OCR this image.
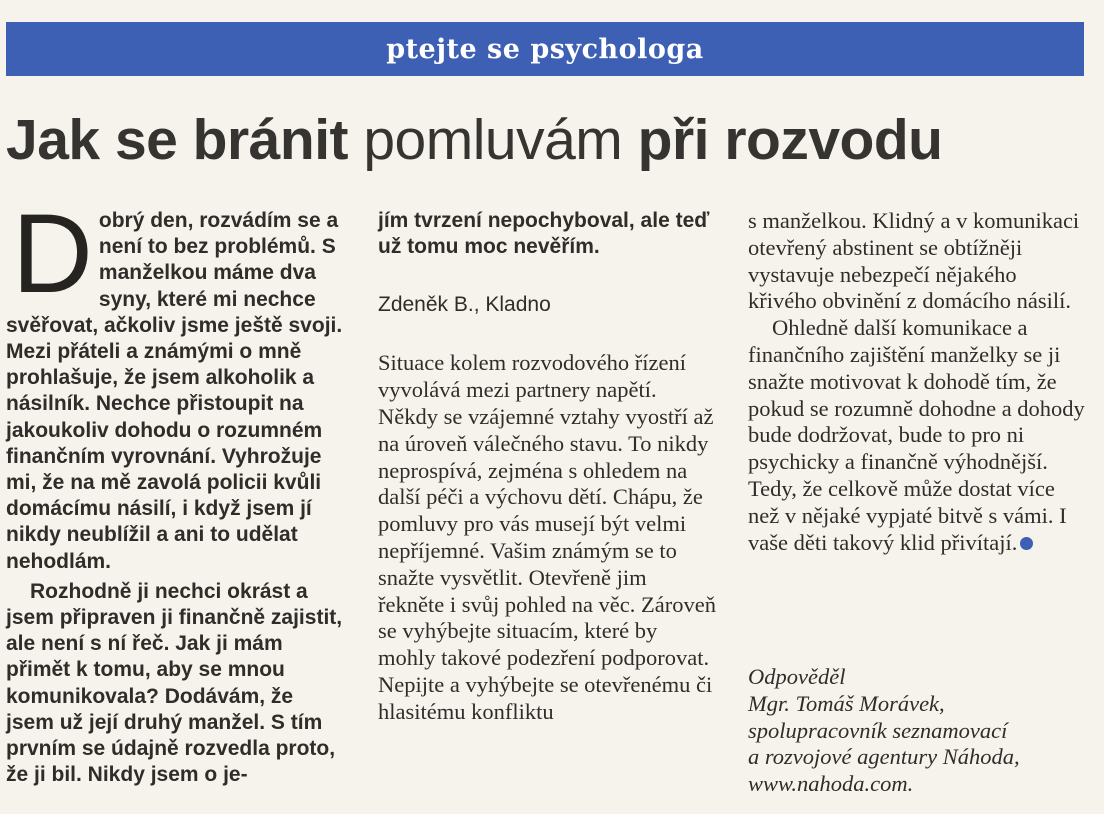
ptejte se psychologa
Jak se bránit pomluvám při rozvodu
D obrý den, rozvádím se a není to bez problémů. S manželkou máme dva syny, které mi nechce svěřovat, ačkoliv jsme ještě svoji. Mezi přáteli a známými o mně prohlašuje, že jsem alkoholik a násilník. Nechce přistoupit na jakoukoliv dohodu o rozumném finančním vyrovnání. Vyhrožuje mi, že na mě zavolá policii kvůli domácímu násilí, i když jsem jí nikdy neublížil a ani to udělat nehodlám.

Rozhodně ji nechci okrást a jsem připraven ji finančně zajistit, ale není s ní řeč. Jak ji mám přimět k tomu, aby se mnou komunikovala? Dodávám, že jsem už její druhý manžel. S tím prvním se údajně rozvedla proto, že ji bil. Nikdy jsem o je-

jím tvrzení nepochyboval, ale teď už tomu moc nevěřím.

Zdeněk B., Kladno

Situace kolem rozvodového řízení vyvolává mezi partnery napětí. Někdy se vzájemné vztahy vyostří až na úroveň válečného stavu. To nikdy neprospívá, zejména s ohledem na další péči a výchovu dětí. Chápu, že pomluvy pro vás musejí být velmi nepříjemné. Vašim známým se to snažte vysvětlit. Otevřeně jim řekněte i svůj pohled na věc. Zároveň se vyhýbejte situacím, které by mohly takové podezření podporovat. Nepijte a vyhýbejte se otevřenému či hlasitému konfliktu

s manželkou. Klidný a v komunikaci otevřený abstinent se obtížněji vystavuje nebezpečí nějakého křivého obvinění z domácího násilí.

Ohledně další komunikace a finančního zajištění manželky se ji snažte motivovat k dohodě tím, že pokud se rozumně dohodne a dohody bude dodržovat, bude to pro ni psychicky a finančně výhodnější. Tedy, že celkově může dostat více než v nějaké vypjaté bitvě s vámi. I vaše děti takový klid přivítají.

Odpověděl
Mgr. Tomáš Morávek,
spolupracovník seznamovací
a rozvojové agentury Náhoda,
www.nahoda.com.
